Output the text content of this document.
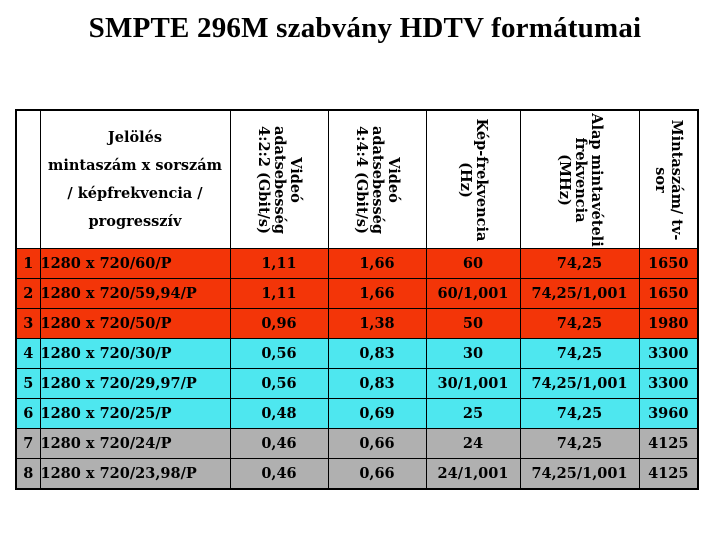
SMPTE 296M szabvány HDTV formátumai

	Jelölés
mintaszám x sorszám
/ képfrekvencia /
progresszív	Videó adatsebesség 4:2:2 (Gbit/s)	Videó adatsebesség 4:4:4 (Gbit/s)	Kép-frekvencia (Hz)	Alap mintavételi frekvencia (MHz)	Mintaszám/ tv-sor

1	1280 x 720/60/P	1,11	1,66	60	74,25	1650
2	1280 x 720/59,94/P	1,11	1,66	60/1,001	74,25/1,001	1650
3	1280 x 720/50/P	0,96	1,38	50	74,25	1980
4	1280 x 720/30/P	0,56	0,83	30	74,25	3300
5	1280 x 720/29,97/P	0,56	0,83	30/1,001	74,25/1,001	3300
6	1280 x 720/25/P	0,48	0,69	25	74,25	3960
7	1280 x 720/24/P	0,46	0,66	24	74,25	4125
8	1280 x 720/23,98/P	0,46	0,66	24/1,001	74,25/1,001	4125
